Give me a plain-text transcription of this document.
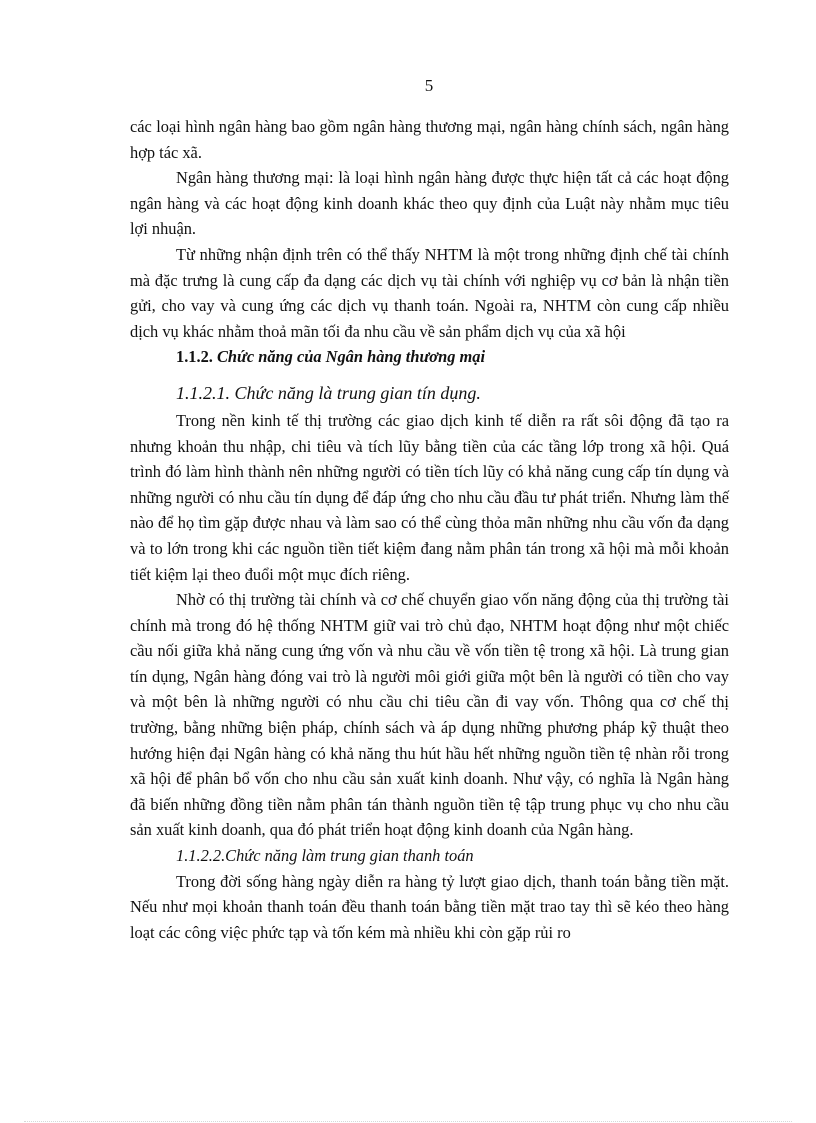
5

các loại hình ngân hàng bao gồm ngân hàng thương mại, ngân hàng chính sách, ngân hàng hợp tác xã.

Ngân hàng thương mại: là loại hình ngân hàng được thực hiện tất cả các hoạt động ngân hàng và các hoạt động kinh doanh khác theo quy định của Luật này nhằm mục tiêu lợi nhuận.

Từ những nhận định trên có thể thấy NHTM là một trong những định chế tài chính mà đặc trưng là cung cấp đa dạng các dịch vụ tài chính với nghiệp vụ cơ bản là nhận tiền gửi, cho vay và cung ứng các dịch vụ thanh toán. Ngoài ra, NHTM còn cung cấp nhiều dịch vụ khác nhằm thoả mãn tối đa nhu cầu về sản phẩm dịch vụ của xã hội

1.1.2. Chức năng của Ngân hàng thương mại

1.1.2.1. Chức năng là trung gian tín dụng.

Trong nền kinh tế thị trường các giao dịch kinh tế diễn ra rất sôi động đã tạo ra nhưng khoản thu nhập, chi tiêu và tích lũy bằng tiền của các tầng lớp trong xã hội. Quá trình đó làm hình thành nên những người có tiền tích lũy có khả năng cung cấp tín dụng và những người có nhu cầu tín dụng để đáp ứng cho nhu cầu đầu tư phát triển. Nhưng làm thế nào để họ tìm gặp được nhau và làm sao có thể cùng thỏa mãn những nhu cầu vốn đa dạng và to lớn trong khi các nguồn tiền tiết kiệm đang nằm phân tán trong xã hội mà mỗi khoản tiết kiệm lại theo đuổi một mục đích riêng.

Nhờ có thị trường tài chính và cơ chế chuyển giao vốn năng động của thị trường tài chính mà trong đó hệ thống NHTM giữ vai trò chủ đạo, NHTM hoạt động như một chiếc cầu nối giữa khả năng cung ứng vốn và nhu cầu về vốn tiền tệ trong xã hội. Là trung gian tín dụng, Ngân hàng đóng vai trò là người môi giới giữa một bên là người có tiền cho vay và một bên là những người có nhu cầu chi tiêu cần đi vay vốn. Thông qua cơ chế thị trường, bằng những biện pháp, chính sách và áp dụng những phương pháp kỹ thuật theo hướng hiện đại Ngân hàng có khả năng thu hút hầu hết những nguồn tiền tệ nhàn rỗi trong xã hội để phân bổ vốn cho nhu cầu sản xuất kinh doanh. Như vậy, có nghĩa là Ngân hàng đã biến những đồng tiền nằm phân tán thành nguồn tiền tệ tập trung phục vụ cho nhu cầu sản xuất kinh doanh, qua đó phát triển hoạt động kinh doanh của Ngân hàng.

1.1.2.2.Chức năng làm trung gian thanh toán

Trong đời sống hàng ngày diễn ra hàng tỷ lượt giao dịch, thanh toán bằng tiền mặt. Nếu như mọi khoản thanh toán đều thanh toán bằng tiền mặt trao tay thì sẽ kéo theo hàng loạt các công việc phức tạp và tốn kém mà nhiều khi còn gặp rủi ro
